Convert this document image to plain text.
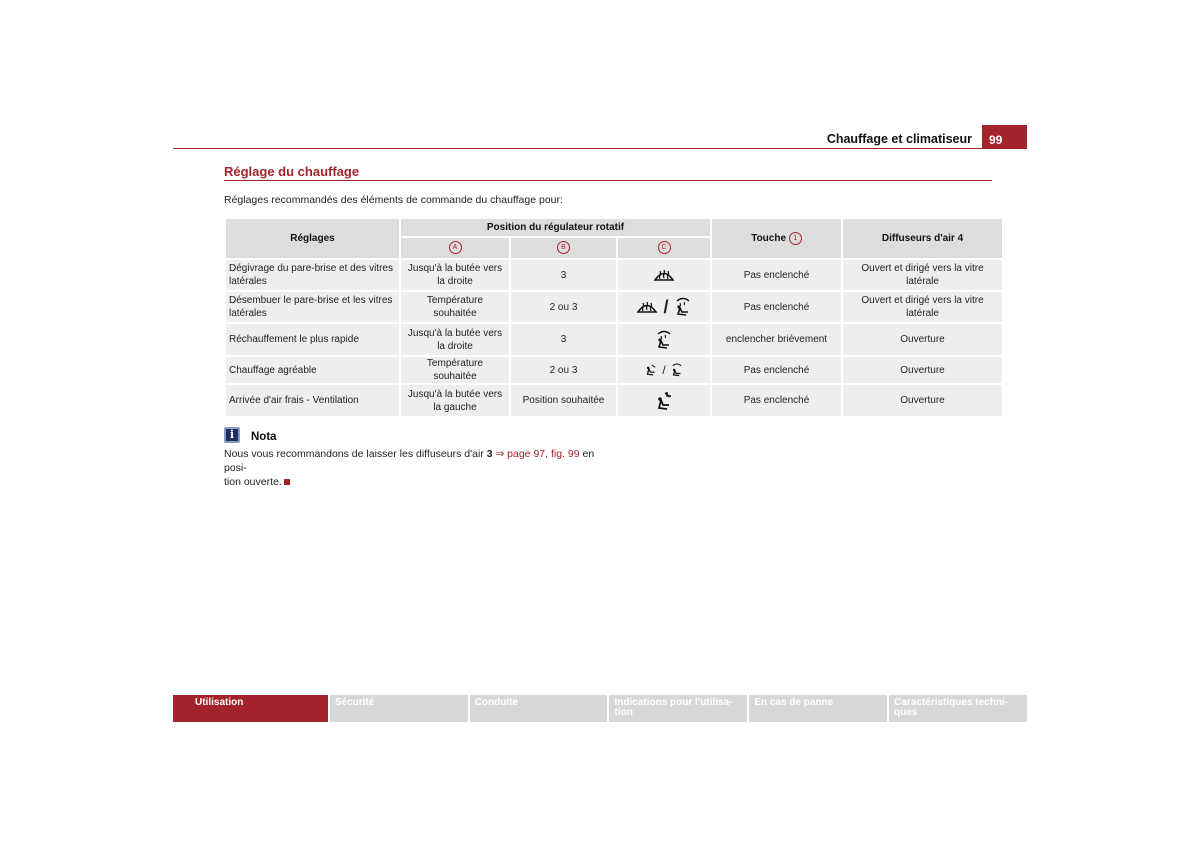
Chauffage et climatiseur	99
Réglage du chauffage
Réglages recommandés des éléments de commande du chauffage pour:
Réglages	Position du régulateur rotatif			Touche 1	Diffuseurs d'air 4
	A	B	C		
Dégivrage du pare-brise et des vitres latérales	Jusqu'à la butée vers la droite	3		Pas enclenché	Ouvert et dirigé vers la vitre latérale
Désembuer le pare-brise et les vitres latérales	Température souhaitée	2 ou 3	/	Pas enclenché	Ouvert et dirigé vers la vitre latérale
Réchauffement le plus rapide	Jusqu'à la butée vers la droite	3		enclencher brièvement	Ouverture
Chauffage agréable	Température souhaitée	2 ou 3	/	Pas enclenché	Ouverture
Arrivée d'air frais - Ventilation	Jusqu'à la butée vers la gauche	Position souhaitée		Pas enclenché	Ouverture
i	Nota
Nous vous recommandons de laisser les diffuseurs d'air 3 ⇒ page 97, fig. 99 en posi-
tion ouverte.
Utilisation	Sécurité	Conduite	Indications pour l'utilisa- tion
En cas de panne	Caractéristiques techni- ques
